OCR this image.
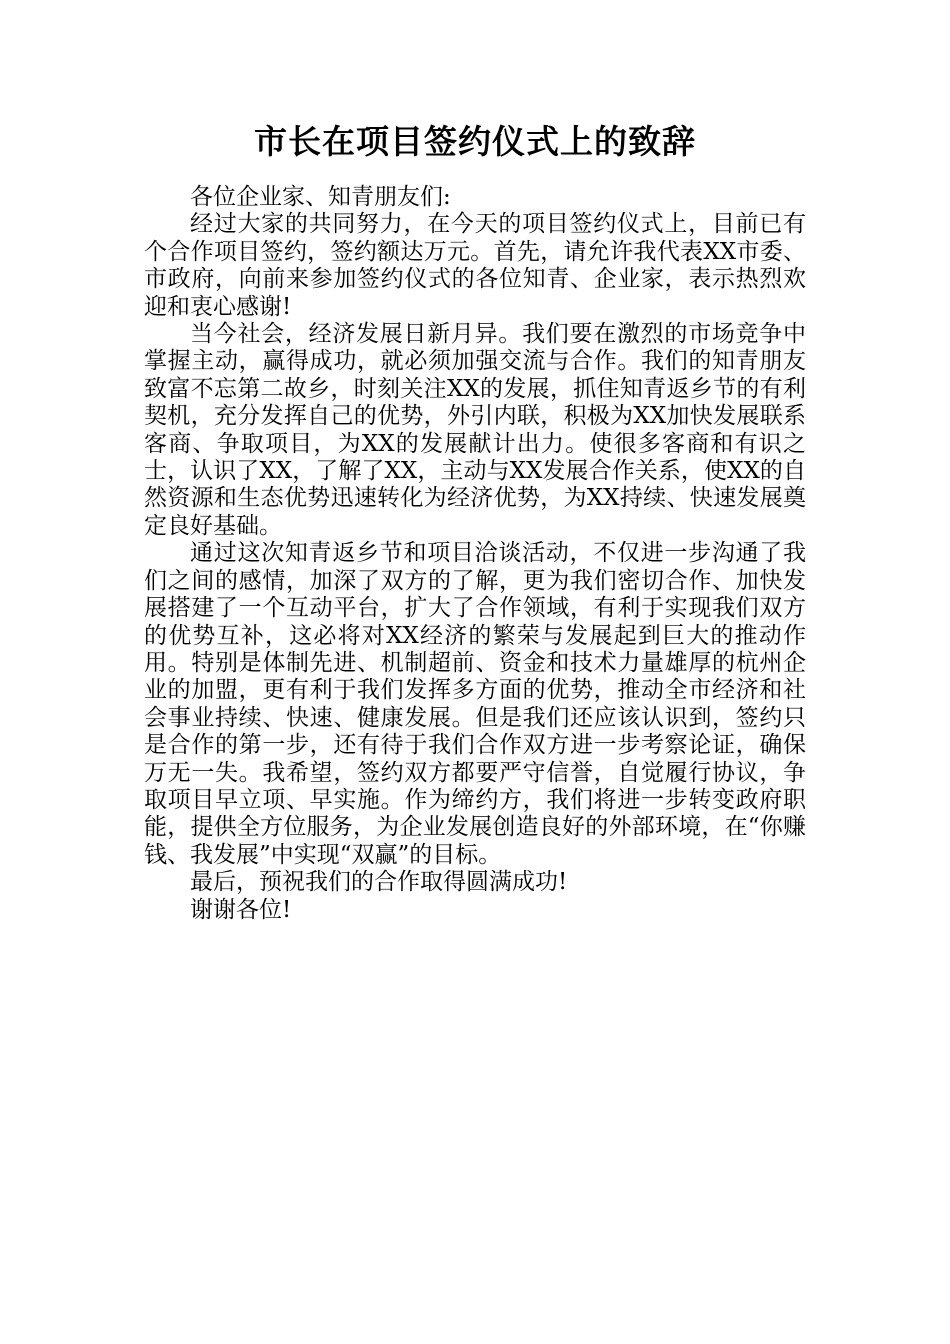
市长在项目签约仪式上的致辞

各位企业家、知青朋友们:

经过大家的共同努力，在今天的项目签约仪式上，目前已有　　个合作项目签约，签约额达万元。首先，请允许我代表XX市委、市政府，向前来参加签约仪式的各位知青、企业家，表示热烈欢迎和衷心感谢!

当今社会，经济发展日新月异。我们要在激烈的市场竞争中掌握主动，赢得成功，就必须加强交流与合作。我们的知青朋友致富不忘第二故乡，时刻关注XX的发展，抓住知青返乡节的有利契机，充分发挥自己的优势，外引内联，积极为XX加快发展联系客商、争取项目，为XX的发展献计出力。使很多客商和有识之士，认识了XX，了解了XX，主动与XX发展合作关系，使XX的自然资源和生态优势迅速转化为经济优势，为XX持续、快速发展奠定良好基础。

通过这次知青返乡节和项目洽谈活动，不仅进一步沟通了我们之间的感情，加深了双方的了解，更为我们密切合作、加快发展搭建了一个互动平台，扩大了合作领域，有利于实现我们双方的优势互补，这必将对XX经济的繁荣与发展起到巨大的推动作用。特别是体制先进、机制超前、资金和技术力量雄厚的杭州企业的加盟，更有利于我们发挥多方面的优势，推动全市经济和社会事业持续、快速、健康发展。但是我们还应该认识到，签约只是合作的第一步，还有待于我们合作双方进一步考察论证，确保万无一失。我希望，签约双方都要严守信誉，自觉履行协议，争取项目早立项、早实施。作为缔约方，我们将进一步转变政府职能，提供全方位服务，为企业发展创造良好的外部环境，在“你赚钱、我发展”中实现“双赢”的目标。

最后，预祝我们的合作取得圆满成功!

谢谢各位!
